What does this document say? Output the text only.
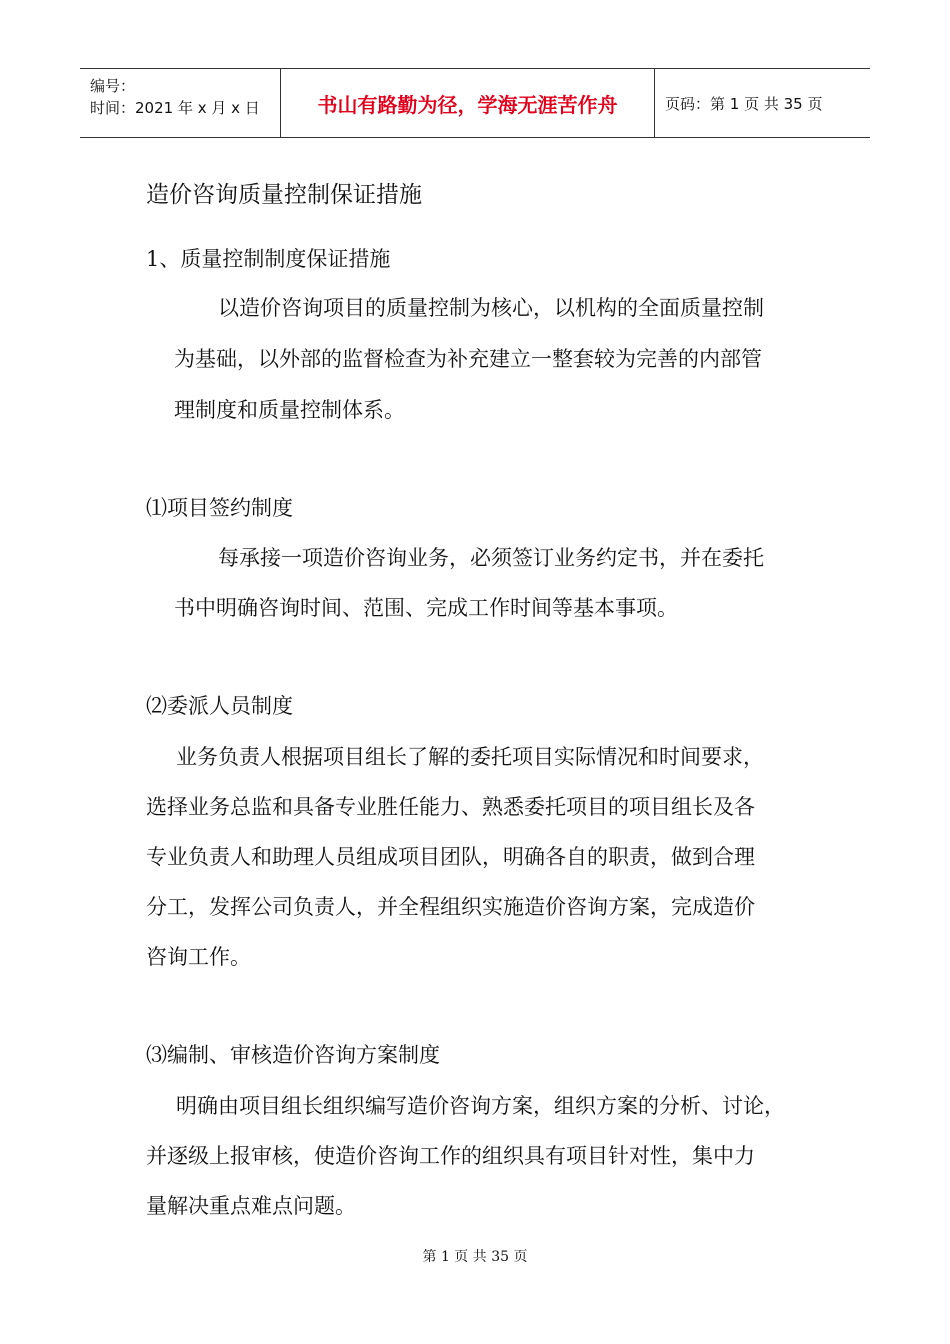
编号：
时间：2021 年 x 月 x 日	书山有路勤为径，学海无涯苦作舟	页码：第 1 页 共 35 页
造价咨询质量控制保证措施
1、质量控制制度保证措施
以造价咨询项目的质量控制为核心，以机构的全面质量控制
为基础，以外部的监督检查为补充建立一整套较为完善的内部管
理制度和质量控制体系。
⑴项目签约制度
每承接一项造价咨询业务，必须签订业务约定书，并在委托
书中明确咨询时间、范围、完成工作时间等基本事项。
⑵委派人员制度
业务负责人根据项目组长了解的委托项目实际情况和时间要求，
选择业务总监和具备专业胜任能力、熟悉委托项目的项目组长及各
专业负责人和助理人员组成项目团队，明确各自的职责，做到合理
分工，发挥公司负责人，并全程组织实施造价咨询方案，完成造价
咨询工作。
⑶编制、审核造价咨询方案制度
明确由项目组长组织编写造价咨询方案，组织方案的分析、讨论，
并逐级上报审核，使造价咨询工作的组织具有项目针对性，集中力
量解决重点难点问题。
第 1 页 共 35 页
